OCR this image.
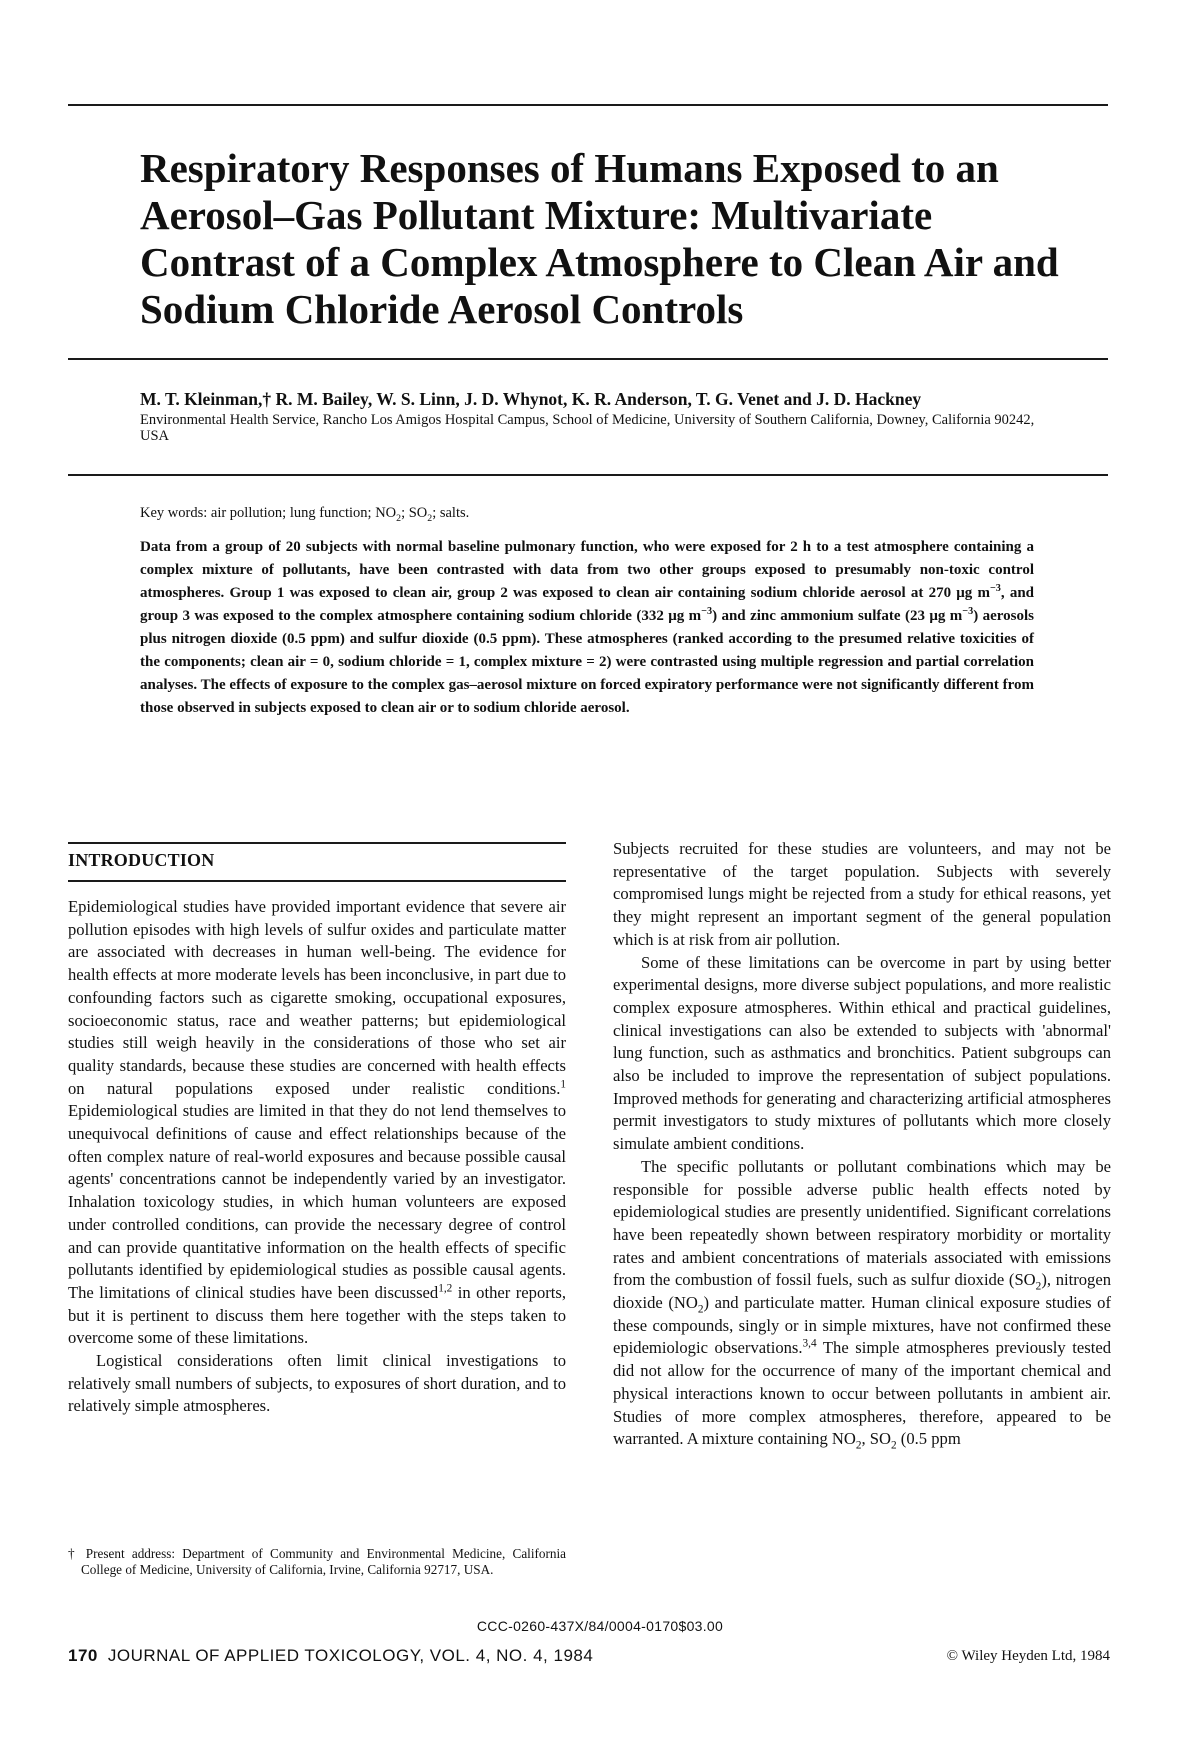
Respiratory Responses of Humans Exposed to an Aerosol–Gas Pollutant Mixture: Multivariate Contrast of a Complex Atmosphere to Clean Air and Sodium Chloride Aerosol Controls

M. T. Kleinman,† R. M. Bailey, W. S. Linn, J. D. Whynot, K. R. Anderson, T. G. Venet and J. D. Hackney

Environmental Health Service, Rancho Los Amigos Hospital Campus, School of Medicine, University of Southern California, Downey, California 90242, USA

Key words: air pollution; lung function; $NO_2$; $SO_2$; salts.

Data from a group of 20 subjects with normal baseline pulmonary function, who were exposed for 2 h to a test atmosphere containing a complex mixture of pollutants, have been contrasted with data from two other groups exposed to presumably non-toxic control atmospheres. Group 1 was exposed to clean air, group 2 was exposed to clean air containing sodium chloride aerosol at 270 μg $m^{-3}$, and group 3 was exposed to the complex atmosphere containing sodium chloride (332 μg $m^{-3}$) and zinc ammonium sulfate (23 μg $m^{-3}$) aerosols plus nitrogen dioxide (0.5 ppm) and sulfur dioxide (0.5 ppm). These atmospheres (ranked according to the presumed relative toxicities of the components; clean air = 0, sodium chloride = 1, complex mixture = 2) were contrasted using multiple regression and partial correlation analyses. The effects of exposure to the complex gas–aerosol mixture on forced expiratory performance were not significantly different from those observed in subjects exposed to clean air or to sodium chloride aerosol.

INTRODUCTION

Epidemiological studies have provided important evidence that severe air pollution episodes with high levels of sulfur oxides and particulate matter are associated with decreases in human well-being. The evidence for health effects at more moderate levels has been inconclusive, in part due to confounding factors such as cigarette smoking, occupational exposures, socioeconomic status, race and weather patterns; but epidemiological studies still weigh heavily in the considerations of those who set air quality standards, because these studies are concerned with health effects on natural populations exposed under realistic conditions.$^1$ Epidemiological studies are limited in that they do not lend themselves to unequivocal definitions of cause and effect relationships because of the often complex nature of real-world exposures and because possible causal agents' concentrations cannot be independently varied by an investigator. Inhalation toxicology studies, in which human volunteers are exposed under controlled conditions, can provide the necessary degree of control and can provide quantitative information on the health effects of specific pollutants identified by epidemiological studies as possible causal agents. The limitations of clinical studies have been discussed$^{1,2}$ in other reports, but it is pertinent to discuss them here together with the steps taken to overcome some of these limitations.

Logistical considerations often limit clinical investigations to relatively small numbers of subjects, to exposures of short duration, and to relatively simple atmospheres.

† Present address: Department of Community and Environmental Medicine, California College of Medicine, University of California, Irvine, California 92717, USA.

Subjects recruited for these studies are volunteers, and may not be representative of the target population. Subjects with severely compromised lungs might be rejected from a study for ethical reasons, yet they might represent an important segment of the general population which is at risk from air pollution.

Some of these limitations can be overcome in part by using better experimental designs, more diverse subject populations, and more realistic complex exposure atmospheres. Within ethical and practical guidelines, clinical investigations can also be extended to subjects with 'abnormal' lung function, such as asthmatics and bronchitics. Patient subgroups can also be included to improve the representation of subject populations. Improved methods for generating and characterizing artificial atmospheres permit investigators to study mixtures of pollutants which more closely simulate ambient conditions.

The specific pollutants or pollutant combinations which may be responsible for possible adverse public health effects noted by epidemiological studies are presently unidentified. Significant correlations have been repeatedly shown between respiratory morbidity or mortality rates and ambient concentrations of materials associated with emissions from the combustion of fossil fuels, such as sulfur dioxide $(SO_2)$, nitrogen dioxide $(NO_2)$ and particulate matter. Human clinical exposure studies of these compounds, singly or in simple mixtures, have not confirmed these epidemiologic observations.$^{3,4}$ The simple atmospheres previously tested did not allow for the occurrence of many of the important chemical and physical interactions known to occur between pollutants in ambient air. Studies of more complex atmospheres, therefore, appeared to be warranted. A mixture containing $NO_2$, $SO_2$ (0.5 ppm

CCC-0260-437X/84/0004-0170$03.00

170 JOURNAL OF APPLIED TOXICOLOGY, VOL. 4, NO. 4, 1984	© Wiley Heyden Ltd, 1984
